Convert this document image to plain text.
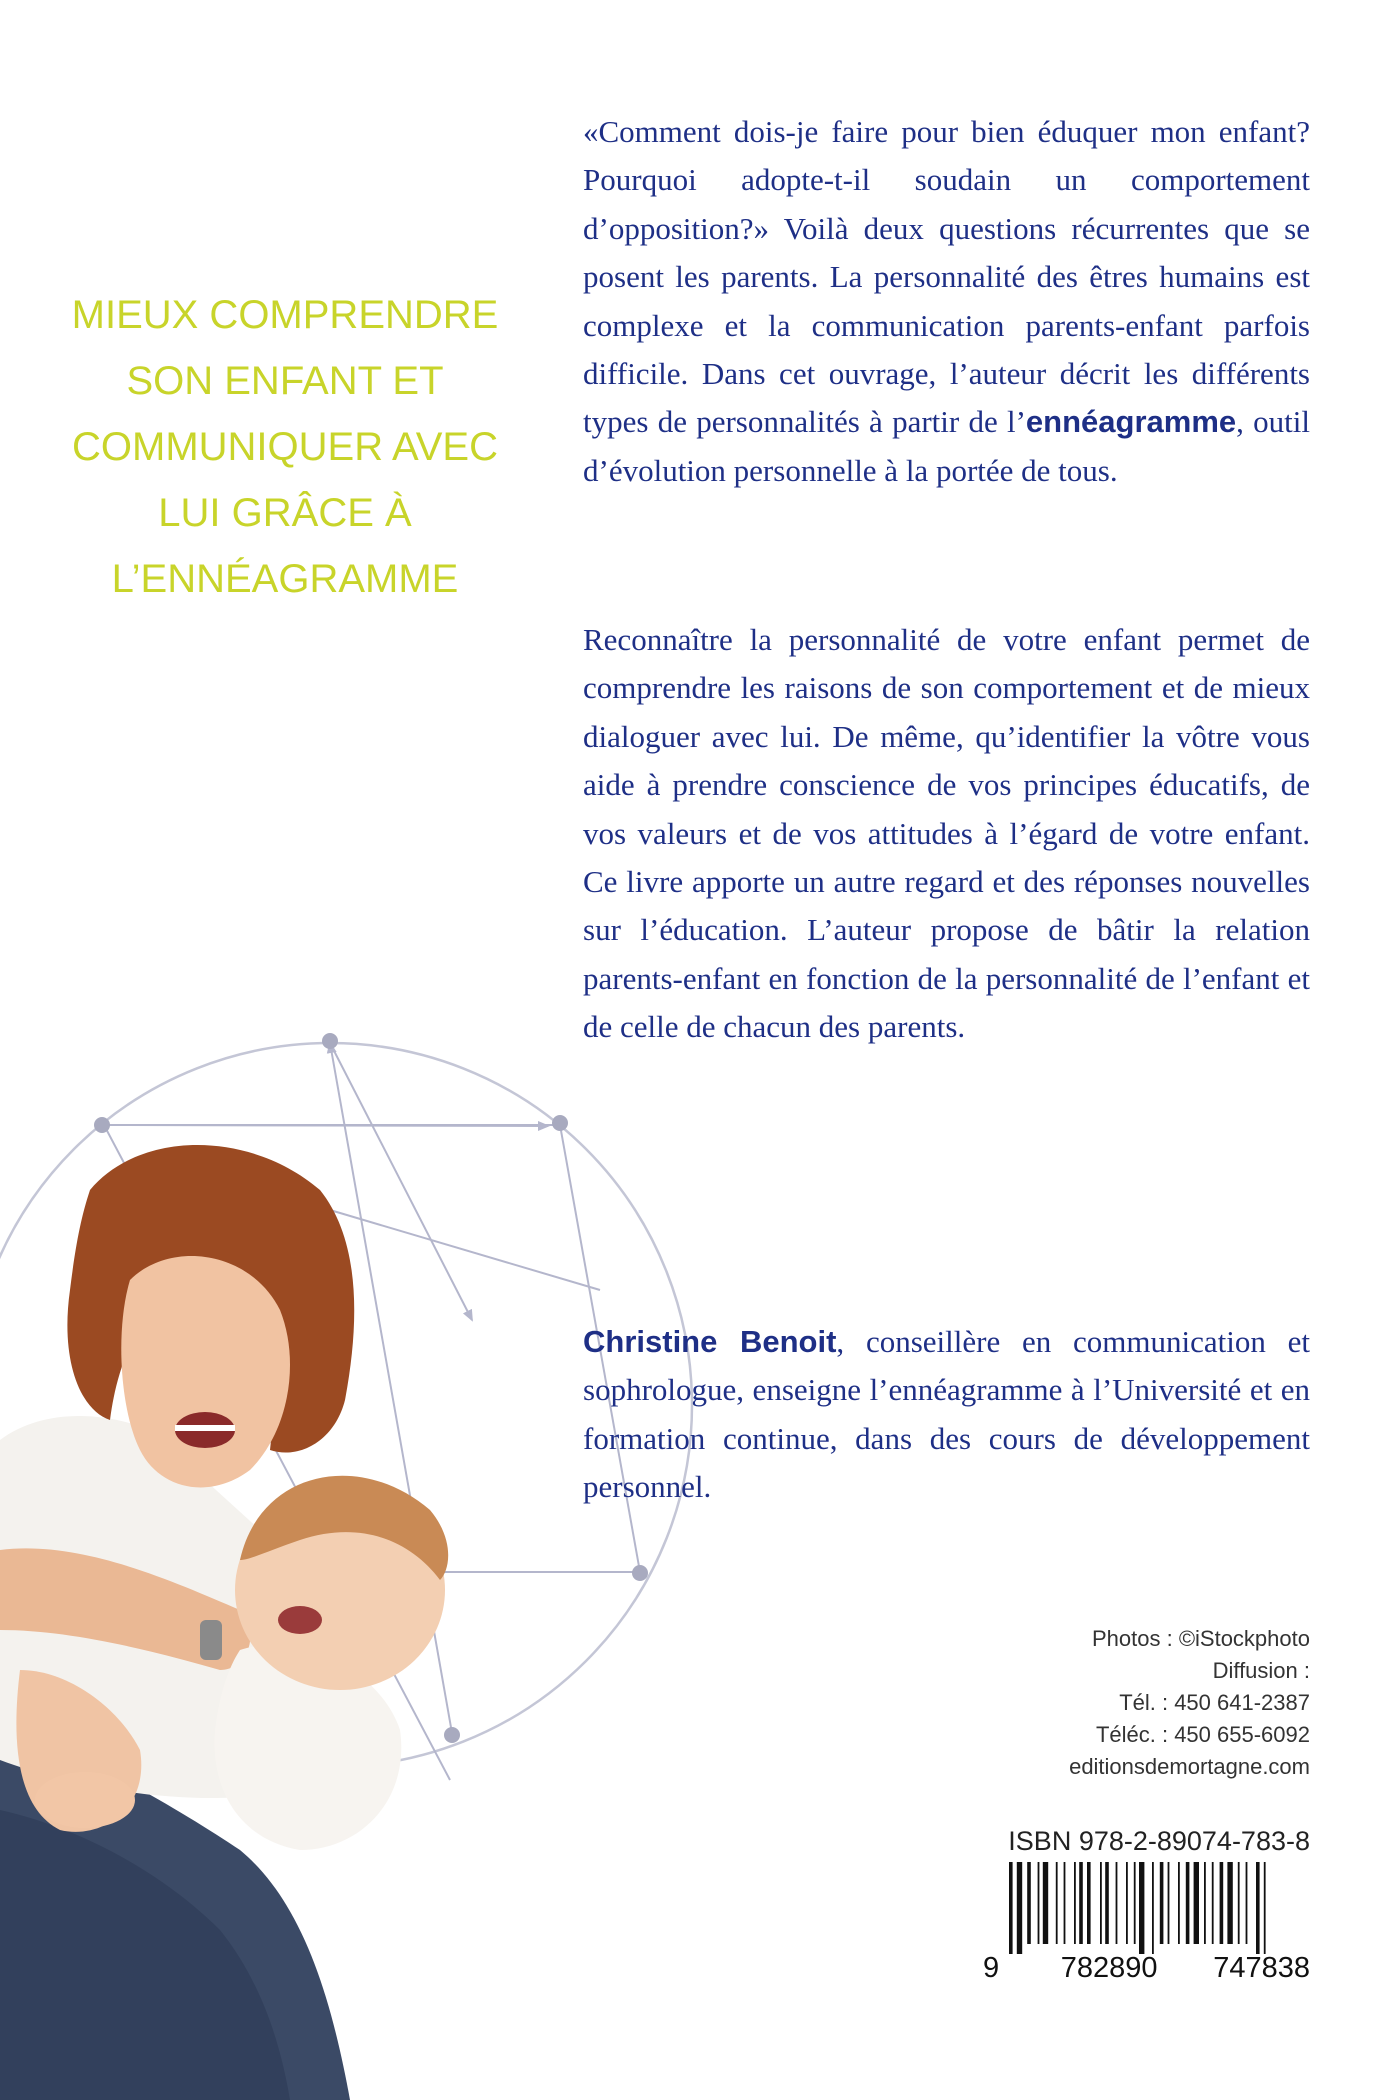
MIEUX COMPRENDRE
SON ENFANT ET
COMMUNIQUER AVEC
LUI GRÂCE À
L’ENNÉAGRAMME
«Comment dois-je faire pour bien éduquer mon enfant? Pourquoi adopte-t-il soudain un comportement d’opposition?» Voilà deux questions récurrentes que se posent les parents. La personnalité des êtres humains est complexe et la communication parents-enfant parfois difficile. Dans cet ouvrage, l’auteur décrit les différents types de personnalités à partir de l’ennéagramme, outil d’évolution personnelle à la portée de tous.
Reconnaître la personnalité de votre enfant permet de comprendre les raisons de son comportement et de mieux dialoguer avec lui. De même, qu’identifier la vôtre vous aide à prendre conscience de vos principes éducatifs, de vos valeurs et de vos attitudes à l’égard de votre enfant. Ce livre apporte un autre regard et des réponses nouvelles sur l’éducation. L’auteur propose de bâtir la relation parents-enfant en fonction de la personnalité de l’enfant et de celle de chacun des parents.
Christine Benoit, conseillère en communication et sophrologue, enseigne l’ennéagramme à l’Université et en formation continue, dans des cours de développement personnel.
Photos : ©iStockphoto
Diffusion :
Tél. : 450 641-2387
Téléc. : 450 655-6092
editionsdemortagne.com
ISBN 978-2-89074-783-8
9 782890 747838
